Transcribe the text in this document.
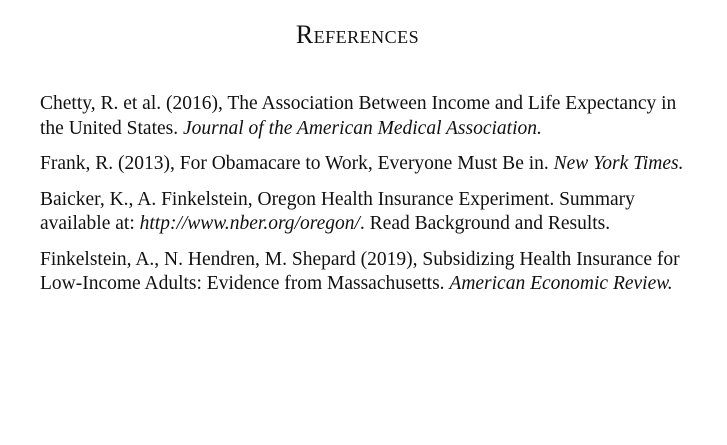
References

Chetty, R. et al. (2016), The Association Between Income and Life Expectancy in the United States. Journal of the American Medical Association.

Frank, R. (2013), For Obamacare to Work, Everyone Must Be in. New York Times.

Baicker, K., A. Finkelstein, Oregon Health Insurance Experiment. Summary available at: http://www.nber.org/oregon/. Read Background and Results.

Finkelstein, A., N. Hendren, M. Shepard (2019), Subsidizing Health Insurance for Low-Income Adults: Evidence from Massachusetts. American Economic Review.
